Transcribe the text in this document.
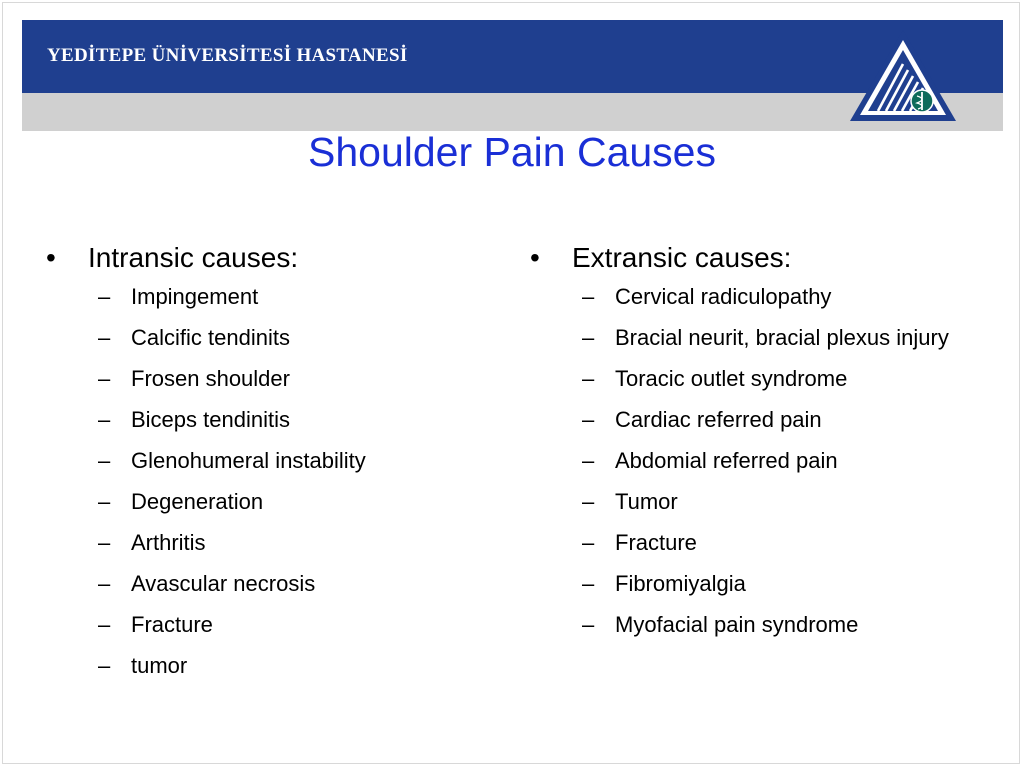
YEDİTEPE ÜNİVERSİTESİ HASTANESİ
Shoulder Pain Causes
•	Intransic causes:
– Impingement
– Calcific tendinits
– Frosen shoulder
– Biceps tendinitis
– Glenohumeral instability
– Degeneration
– Arthritis
– Avascular necrosis
– Fracture
– tumor
•	Extransic causes:
– Cervical radiculopathy
– Bracial neurit, bracial plexus injury
– Toracic outlet syndrome
– Cardiac referred pain
– Abdomial referred pain
– Tumor
– Fracture
– Fibromiyalgia
– Myofacial pain syndrome
